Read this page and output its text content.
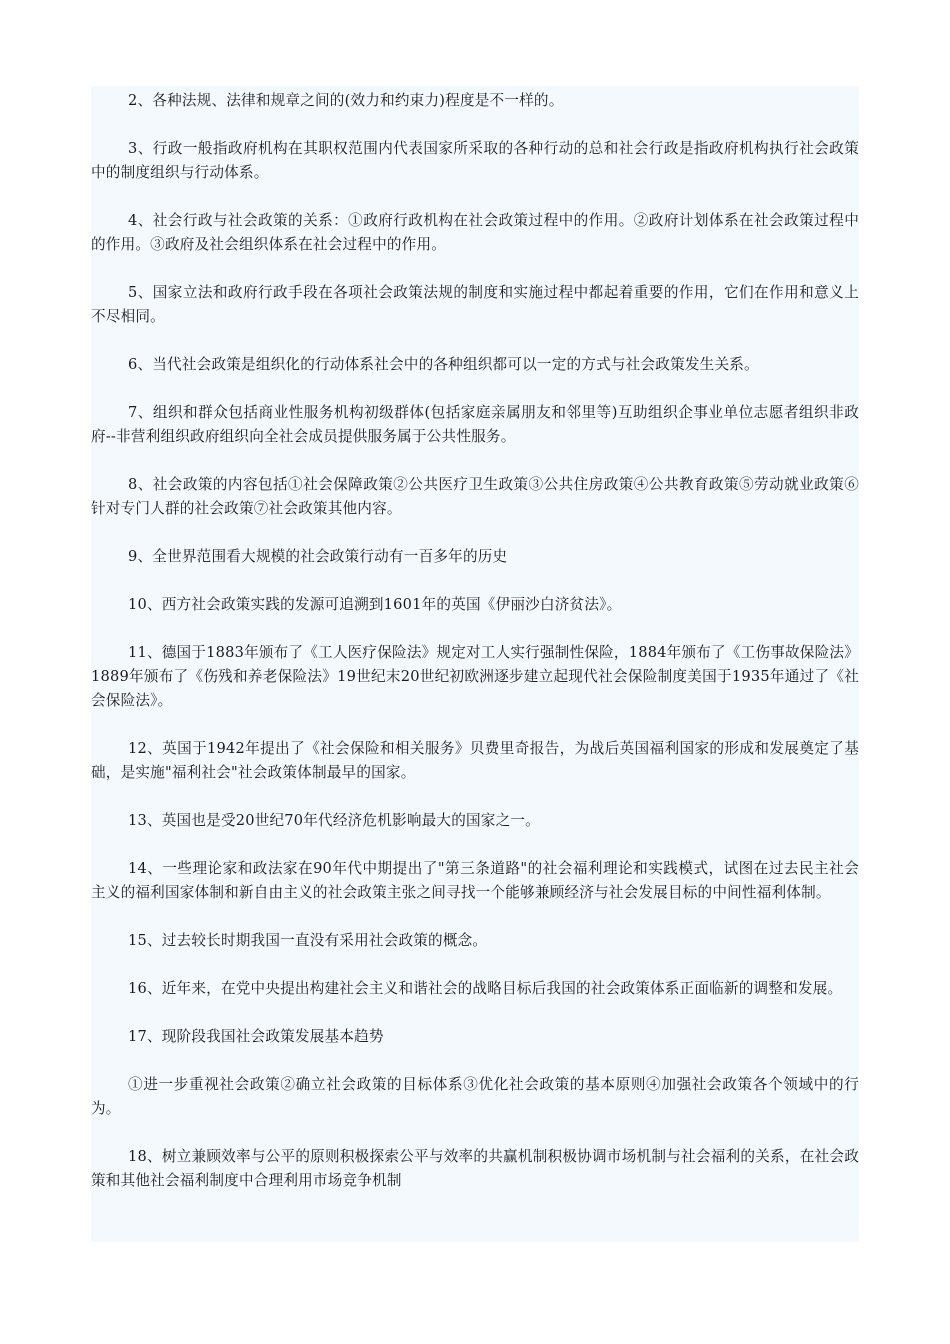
2、各种法规、法律和规章之间的(效力和约束力)程度是不一样的。

3、行政一般指政府机构在其职权范围内代表国家所采取的各种行动的总和社会行政是指政府机构执行社会政策中的制度组织与行动体系。

4、社会行政与社会政策的关系：①政府行政机构在社会政策过程中的作用。②政府计划体系在社会政策过程中的作用。③政府及社会组织体系在社会过程中的作用。

5、国家立法和政府行政手段在各项社会政策法规的制度和实施过程中都起着重要的作用，它们在作用和意义上不尽相同。

6、当代社会政策是组织化的行动体系社会中的各种组织都可以一定的方式与社会政策发生关系。

7、组织和群众包括商业性服务机构初级群体(包括家庭亲属朋友和邻里等)互助组织企事业单位志愿者组织非政府--非营利组织政府组织向全社会成员提供服务属于公共性服务。

8、社会政策的内容包括①社会保障政策②公共医疗卫生政策③公共住房政策④公共教育政策⑤劳动就业政策⑥针对专门人群的社会政策⑦社会政策其他内容。

9、全世界范围看大规模的社会政策行动有一百多年的历史

10、西方社会政策实践的发源可追溯到1601年的英国《伊丽沙白济贫法》。

11、德国于1883年颁布了《工人医疗保险法》规定对工人实行强制性保险，1884年颁布了《工伤事故保险法》1889年颁布了《伤残和养老保险法》19世纪末20世纪初欧洲逐步建立起现代社会保险制度美国于1935年通过了《社会保险法》。

12、英国于1942年提出了《社会保险和相关服务》贝费里奇报告，为战后英国福利国家的形成和发展奠定了基础，是实施"福利社会"社会政策体制最早的国家。

13、英国也是受20世纪70年代经济危机影响最大的国家之一。

14、一些理论家和政法家在90年代中期提出了"第三条道路"的社会福利理论和实践模式，试图在过去民主社会主义的福利国家体制和新自由主义的社会政策主张之间寻找一个能够兼顾经济与社会发展目标的中间性福利体制。

15、过去较长时期我国一直没有采用社会政策的概念。

16、近年来，在党中央提出构建社会主义和谐社会的战略目标后我国的社会政策体系正面临新的调整和发展。

17、现阶段我国社会政策发展基本趋势

①进一步重视社会政策②确立社会政策的目标体系③优化社会政策的基本原则④加强社会政策各个领域中的行为。

18、树立兼顾效率与公平的原则积极探索公平与效率的共赢机制积极协调市场机制与社会福利的关系，在社会政策和其他社会福利制度中合理利用市场竞争机制
